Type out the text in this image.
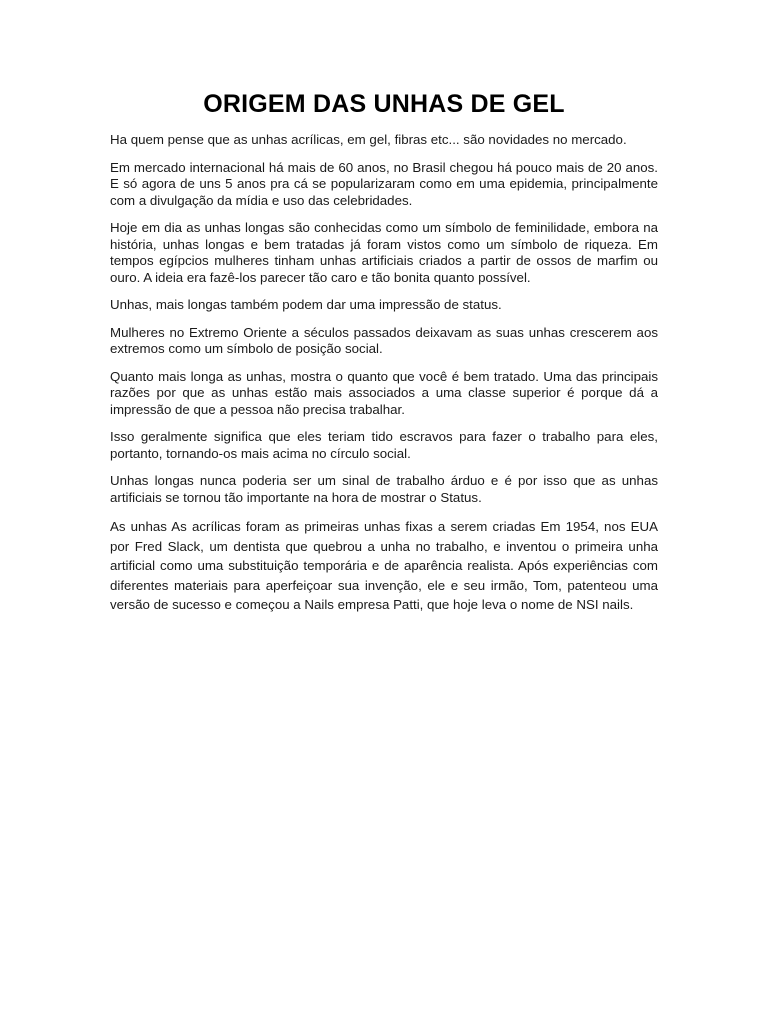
ORIGEM DAS UNHAS DE GEL

Ha quem pense que as unhas acrílicas, em gel, fibras etc... são novidades no mercado.

Em mercado internacional há mais de 60 anos, no Brasil chegou há pouco mais de 20 anos. E só agora de uns 5 anos pra cá se popularizaram como em uma epidemia, principalmente com a divulgação da mídia e uso das celebridades.

Hoje em dia as unhas longas são conhecidas como um símbolo de feminilidade, embora na história, unhas longas e bem tratadas já foram vistos como um símbolo de riqueza. Em tempos egípcios mulheres tinham unhas artificiais criados a partir de ossos de marfim ou ouro. A ideia era fazê-los parecer tão caro e tão bonita quanto possível.

Unhas, mais longas também podem dar uma impressão de status.

Mulheres no Extremo Oriente a séculos passados deixavam as suas unhas crescerem aos extremos como um símbolo de posição social.

Quanto mais longa as unhas, mostra o quanto que você é bem tratado. Uma das principais razões por que as unhas estão mais associados a uma classe superior é porque dá a impressão de que a pessoa não precisa trabalhar.

Isso geralmente significa que eles teriam tido escravos para fazer o trabalho para eles, portanto, tornando-os mais acima no círculo social.

Unhas longas nunca poderia ser um sinal de trabalho árduo e é por isso que as unhas artificiais se tornou tão importante na hora de mostrar o Status.

As unhas As acrílicas foram as primeiras unhas fixas a serem criadas Em 1954, nos EUA por Fred Slack, um dentista que quebrou a unha no trabalho, e inventou o primeira unha artificial como uma substituição temporária e de aparência realista. Após experiências com diferentes materiais para aperfeiçoar sua invenção, ele e seu irmão, Tom, patenteou uma versão de sucesso e começou a Nails empresa Patti, que hoje leva o nome de NSI nails.
